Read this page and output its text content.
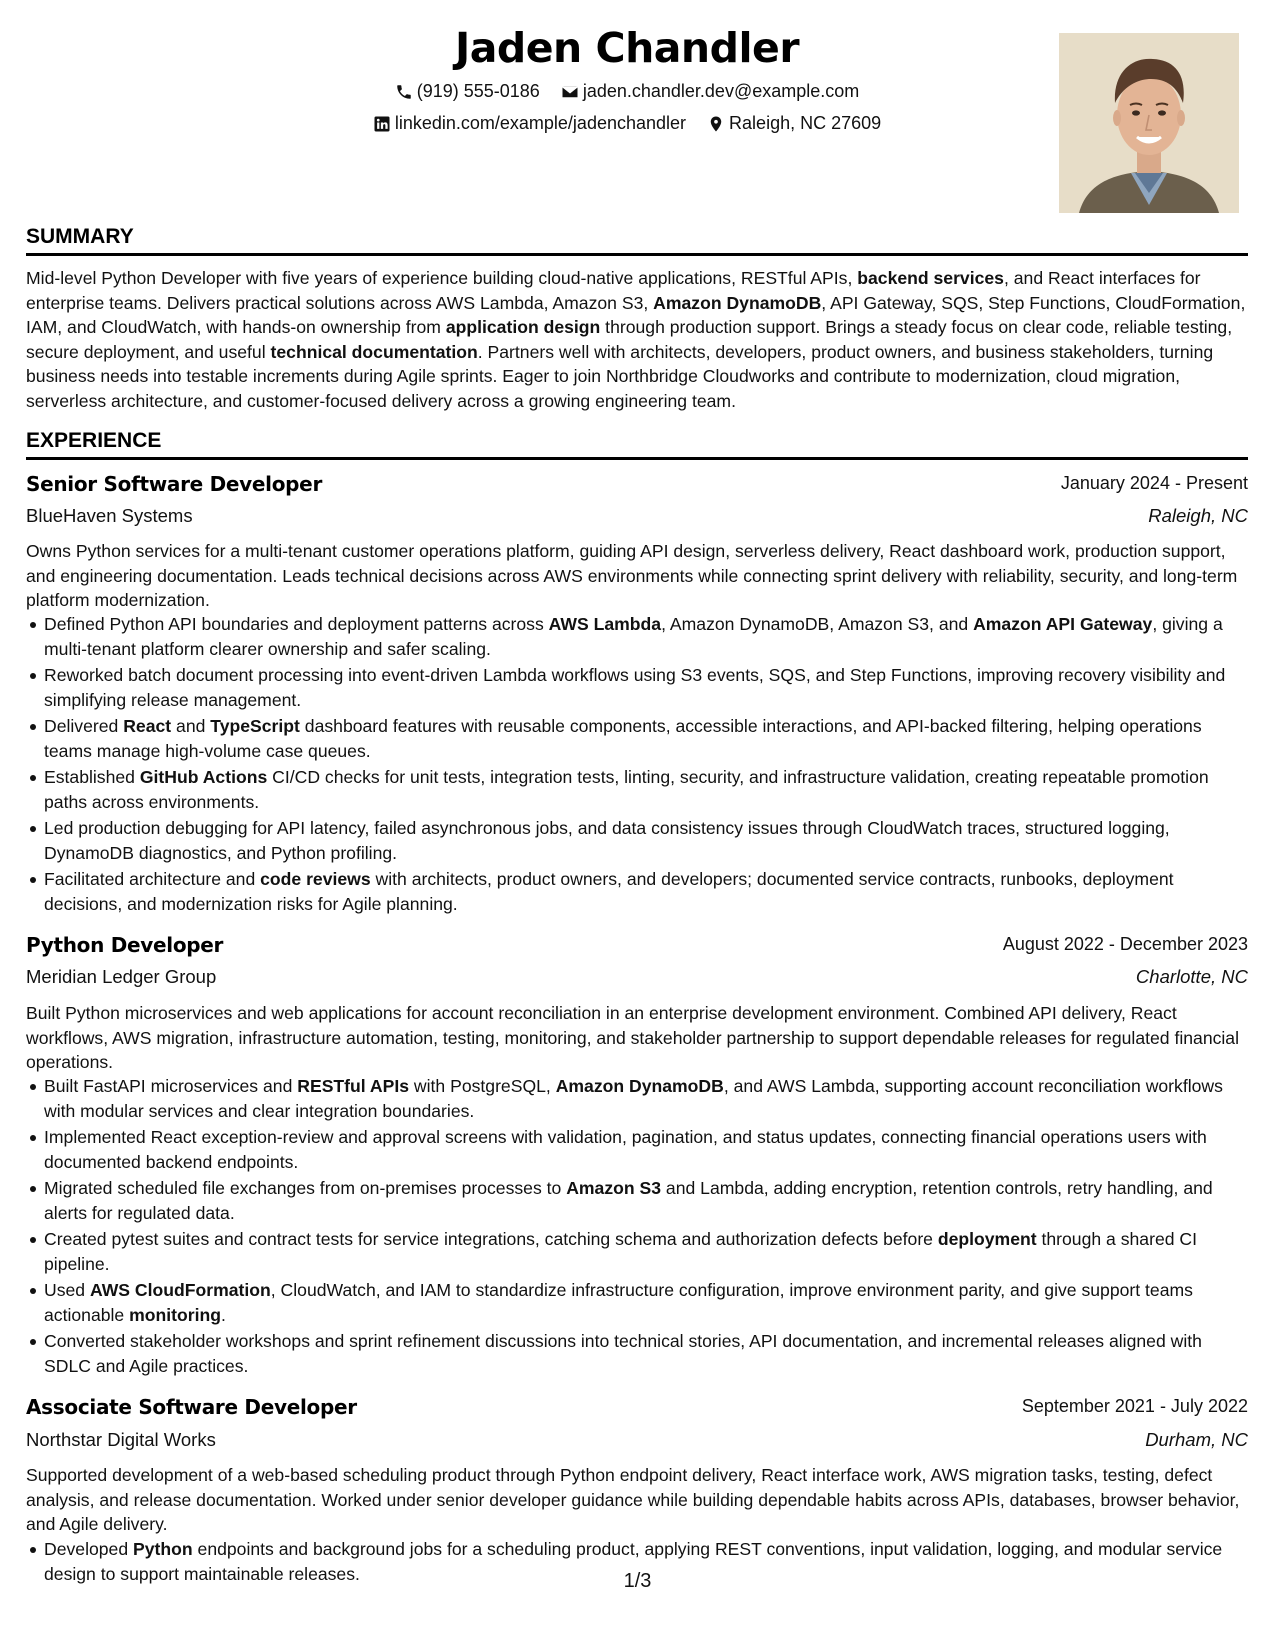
Jaden Chandler
(919) 555-0186
jaden.chandler.dev@example.com
linkedin.com/example/jadenchandler
Raleigh, NC 27609
SUMMARY
Mid-level Python Developer with five years of experience building cloud-native applications, RESTful APIs, backend services, and React interfaces for enterprise teams. Delivers practical solutions across AWS Lambda, Amazon S3, Amazon DynamoDB, API Gateway, SQS, Step Functions, CloudFormation, IAM, and CloudWatch, with hands-on ownership from application design through production support. Brings a steady focus on clear code, reliable testing, secure deployment, and useful technical documentation. Partners well with architects, developers, product owners, and business stakeholders, turning business needs into testable increments during Agile sprints. Eager to join Northbridge Cloudworks and contribute to modernization, cloud migration, serverless architecture, and customer-focused delivery across a growing engineering team.
EXPERIENCE
Senior Software Developer	January 2024 - Present
BlueHaven Systems	Raleigh, NC
Owns Python services for a multi-tenant customer operations platform, guiding API design, serverless delivery, React dashboard work, production support, and engineering documentation. Leads technical decisions across AWS environments while connecting sprint delivery with reliability, security, and long-term platform modernization.
Defined Python API boundaries and deployment patterns across AWS Lambda, Amazon DynamoDB, Amazon S3, and Amazon API Gateway, giving a multi-tenant platform clearer ownership and safer scaling.
Reworked batch document processing into event-driven Lambda workflows using S3 events, SQS, and Step Functions, improving recovery visibility and simplifying release management.
Delivered React and TypeScript dashboard features with reusable components, accessible interactions, and API-backed filtering, helping operations teams manage high-volume case queues.
Established GitHub Actions CI/CD checks for unit tests, integration tests, linting, security, and infrastructure validation, creating repeatable promotion paths across environments.
Led production debugging for API latency, failed asynchronous jobs, and data consistency issues through CloudWatch traces, structured logging, DynamoDB diagnostics, and Python profiling.
Facilitated architecture and code reviews with architects, product owners, and developers; documented service contracts, runbooks, deployment decisions, and modernization risks for Agile planning.
Python Developer	August 2022 - December 2023
Meridian Ledger Group	Charlotte, NC
Built Python microservices and web applications for account reconciliation in an enterprise development environment. Combined API delivery, React workflows, AWS migration, infrastructure automation, testing, monitoring, and stakeholder partnership to support dependable releases for regulated financial operations.
Built FastAPI microservices and RESTful APIs with PostgreSQL, Amazon DynamoDB, and AWS Lambda, supporting account reconciliation workflows with modular services and clear integration boundaries.
Implemented React exception-review and approval screens with validation, pagination, and status updates, connecting financial operations users with documented backend endpoints.
Migrated scheduled file exchanges from on-premises processes to Amazon S3 and Lambda, adding encryption, retention controls, retry handling, and alerts for regulated data.
Created pytest suites and contract tests for service integrations, catching schema and authorization defects before deployment through a shared CI pipeline.
Used AWS CloudFormation, CloudWatch, and IAM to standardize infrastructure configuration, improve environment parity, and give support teams actionable monitoring.
Converted stakeholder workshops and sprint refinement discussions into technical stories, API documentation, and incremental releases aligned with SDLC and Agile practices.
Associate Software Developer	September 2021 - July 2022
Northstar Digital Works	Durham, NC
Supported development of a web-based scheduling product through Python endpoint delivery, React interface work, AWS migration tasks, testing, defect analysis, and release documentation. Worked under senior developer guidance while building dependable habits across APIs, databases, browser behavior, and Agile delivery.
Developed Python endpoints and background jobs for a scheduling product, applying REST conventions, input validation, logging, and modular service design to support maintainable releases.	1/3
